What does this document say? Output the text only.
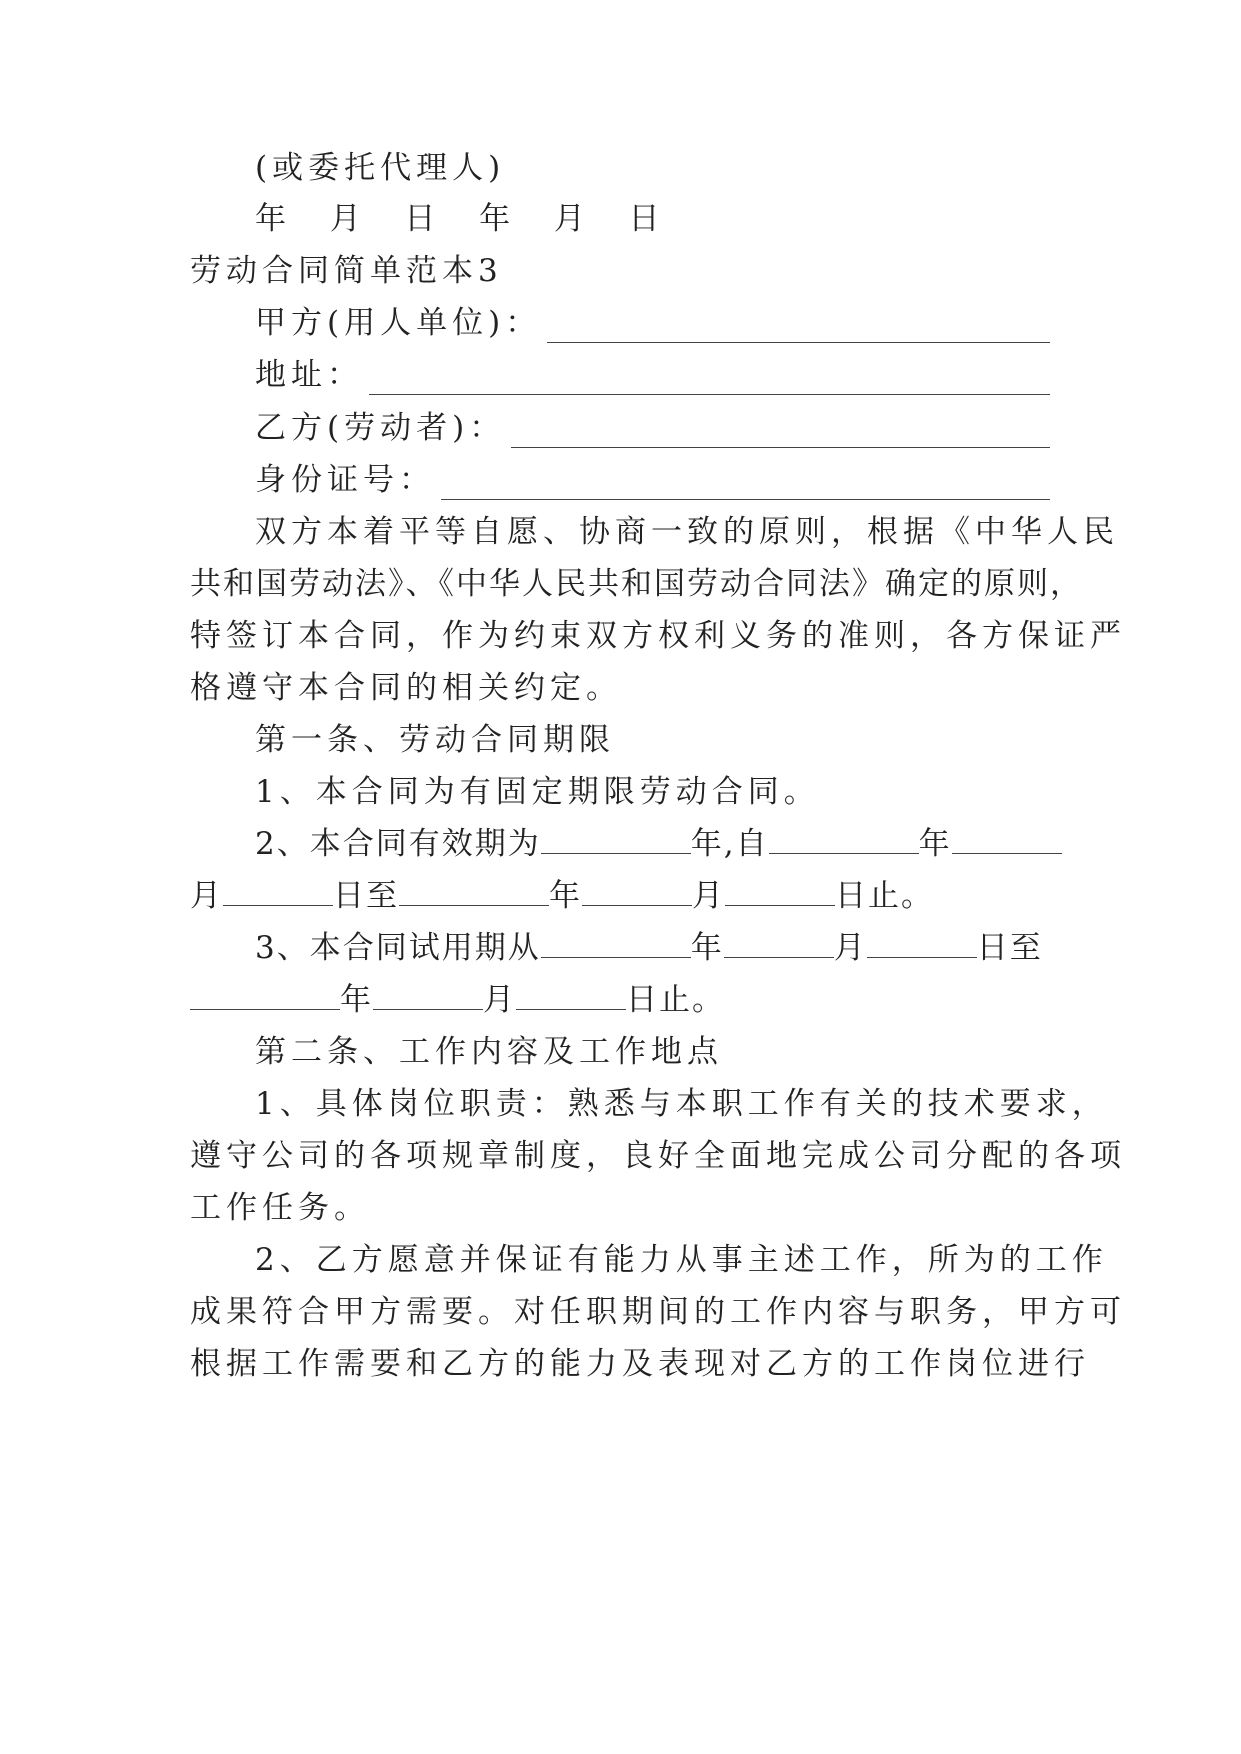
(或委托代理人)
年  月  日  年  月  日
劳动合同简单范本3
甲方(用人单位)：
地址：
乙方(劳动者)：
身份证号：
双方本着平等自愿、协商一致的原则，根据《中华人民
共和国劳动法》、《中华人民共和国劳动合同法》确定的原则，
特签订本合同，作为约束双方权利义务的准则，各方保证严
格遵守本合同的相关约定。
第一条、劳动合同期限
1、本合同为有固定期限劳动合同。
2、本合同有效期为	年,自	年
月	日至	年	月	日止。
3、本合同试用期从	年	月	日至
年	月	日止。
第二条、工作内容及工作地点
1、具体岗位职责：熟悉与本职工作有关的技术要求，
遵守公司的各项规章制度，良好全面地完成公司分配的各项
工作任务。
2、乙方愿意并保证有能力从事主述工作，所为的工作
成果符合甲方需要。对任职期间的工作内容与职务，甲方可
根据工作需要和乙方的能力及表现对乙方的工作岗位进行
